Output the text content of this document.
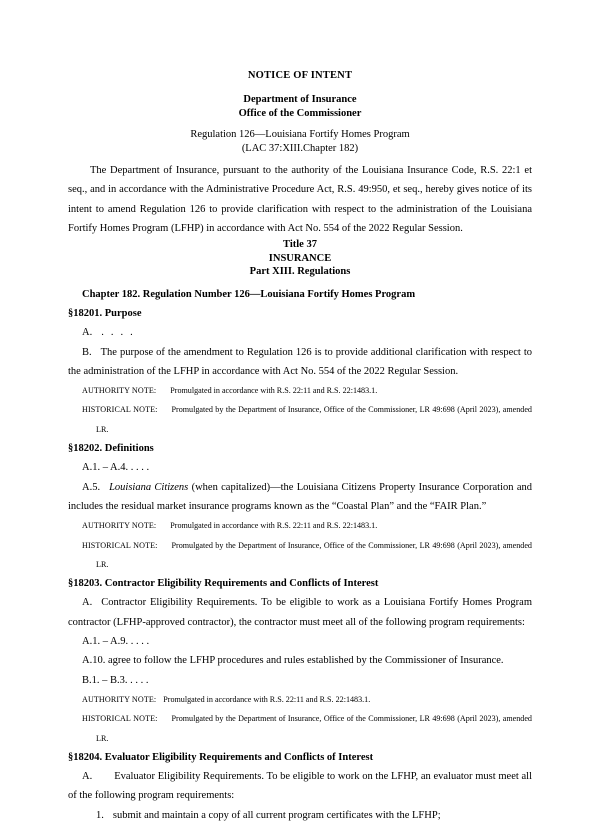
NOTICE OF INTENT
Department of Insurance
Office of the Commissioner
Regulation 126—Louisiana Fortify Homes Program
(LAC 37:XIII.Chapter 182)

The Department of Insurance, pursuant to the authority of the Louisiana Insurance Code, R.S. 22:1 et seq., and in accordance with the Administrative Procedure Act, R.S. 49:950, et seq., hereby gives notice of its intent to amend Regulation 126 to provide clarification with respect to the administration of the Louisiana Fortify Homes Program (LFHP) in accordance with Act No. 554 of the 2022 Regular Session.

Title 37
INSURANCE
Part XIII. Regulations

Chapter 182. Regulation Number 126—Louisiana Fortify Homes Program

§18201. Purpose

A. . . . .

B. The purpose of the amendment to Regulation 126 is to provide additional clarification with respect to the administration of the LFHP in accordance with Act No. 554 of the 2022 Regular Session.

AUTHORITY NOTE: Promulgated in accordance with R.S. 22:11 and R.S. 22:1483.1.

HISTORICAL NOTE: Promulgated by the Department of Insurance, Office of the Commissioner, LR 49:698 (April 2023), amended LR.

§18202. Definitions

A.1. – A.4. . . . .

A.5. Louisiana Citizens (when capitalized)—the Louisiana Citizens Property Insurance Corporation and includes the residual market insurance programs known as the “Coastal Plan” and the “FAIR Plan.”

AUTHORITY NOTE: Promulgated in accordance with R.S. 22:11 and R.S. 22:1483.1.

HISTORICAL NOTE: Promulgated by the Department of Insurance, Office of the Commissioner, LR 49:698 (April 2023), amended LR.

§18203. Contractor Eligibility Requirements and Conflicts of Interest

A. Contractor Eligibility Requirements. To be eligible to work as a Louisiana Fortify Homes Program contractor (LFHP-approved contractor), the contractor must meet all of the following program requirements:

A.1. – A.9. . . . .

A.10. agree to follow the LFHP procedures and rules established by the Commissioner of Insurance.

B.1. – B.3. . . . .

AUTHORITY NOTE: Promulgated in accordance with R.S. 22:11 and R.S. 22:1483.1.

HISTORICAL NOTE: Promulgated by the Department of Insurance, Office of the Commissioner, LR 49:698 (April 2023), amended LR.

§18204. Evaluator Eligibility Requirements and Conflicts of Interest

A. Evaluator Eligibility Requirements. To be eligible to work on the LFHP, an evaluator must meet all of the following program requirements:

1. submit and maintain a copy of all current program certificates with the LFHP;
